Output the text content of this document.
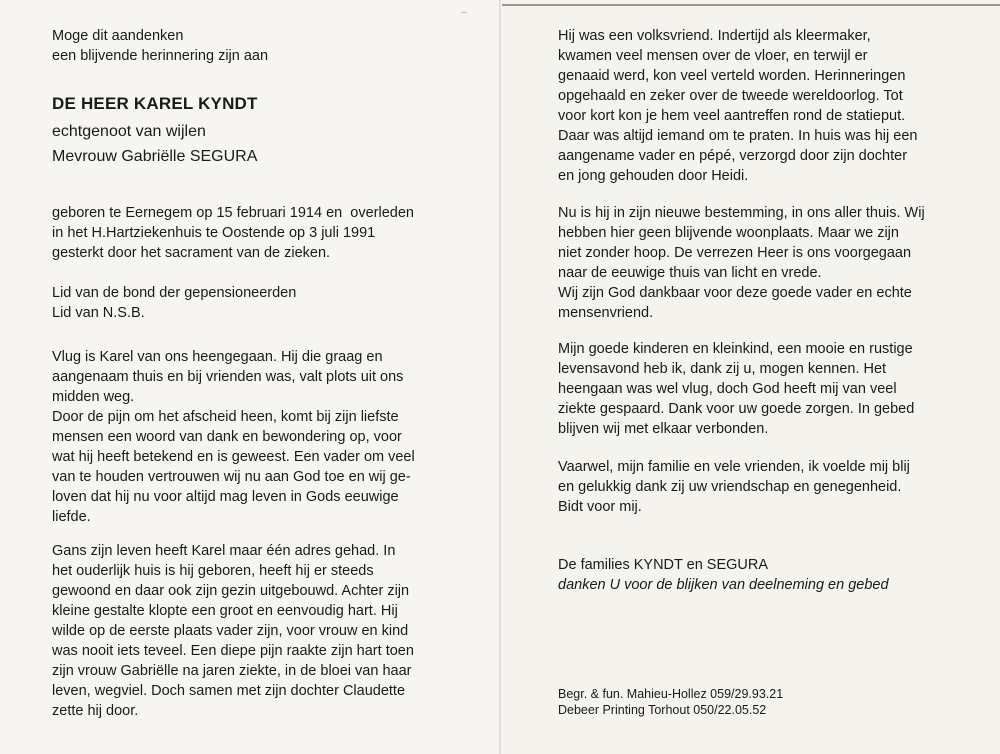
Moge dit aandenken

een blijvende herinnering zijn aan

DE HEER KAREL KYNDT

echtgenoot van wijlen

Mevrouw Gabriëlle SEGURA

geboren te Eernegem op 15 februari 1914 en  overleden

in het H.Hartziekenhuis te Oostende op 3 juli 1991

gesterkt door het sacrament van de zieken.

Lid van de bond der gepensioneerden

Lid van N.S.B.

Vlug is Karel van ons heengegaan. Hij die graag en

aangenaam thuis en bij vrienden was, valt plots uit ons

midden weg.

Door de pijn om het afscheid heen, komt bij zijn liefste

mensen een woord van dank en bewondering op, voor

wat hij heeft betekend en is geweest. Een vader om veel

van te houden vertrouwen wij nu aan God toe en wij ge-

loven dat hij nu voor altijd mag leven in Gods eeuwige

liefde.

Gans zijn leven heeft Karel maar één adres gehad. In

het ouderlijk huis is hij geboren, heeft hij er steeds

gewoond en daar ook zijn gezin uitgebouwd. Achter zijn

kleine gestalte klopte een groot en eenvoudig hart. Hij

wilde op de eerste plaats vader zijn, voor vrouw en kind

was nooit iets teveel. Een diepe pijn raakte zijn hart toen

zijn vrouw Gabriëlle na jaren ziekte, in de bloei van haar

leven, wegviel. Doch samen met zijn dochter Claudette

zette hij door.

Hij was een volksvriend. Indertijd als kleermaker,

kwamen veel mensen over de vloer, en terwijl er

genaaid werd, kon veel verteld worden. Herinneringen

opgehaald en zeker over de tweede wereldoorlog. Tot

voor kort kon je hem veel aantreffen rond de statieput.

Daar was altijd iemand om te praten. In huis was hij een

aangename vader en pépé, verzorgd door zijn dochter

en jong gehouden door Heidi.

Nu is hij in zijn nieuwe bestemming, in ons aller thuis. Wij

hebben hier geen blijvende woonplaats. Maar we zijn

niet zonder hoop. De verrezen Heer is ons voorgegaan

naar de eeuwige thuis van licht en vrede.

Wij zijn God dankbaar voor deze goede vader en echte

mensenvriend.

Mijn goede kinderen en kleinkind, een mooie en rustige

levensavond heb ik, dank zij u, mogen kennen. Het

heengaan was wel vlug, doch God heeft mij van veel

ziekte gespaard. Dank voor uw goede zorgen. In gebed

blijven wij met elkaar verbonden.

Vaarwel, mijn familie en vele vrienden, ik voelde mij blij

en gelukkig dank zij uw vriendschap en genegenheid.

Bidt voor mij.

De families KYNDT en SEGURA

danken U voor de blijken van deelneming en gebed

Begr. & fun. Mahieu-Hollez 059/29.93.21

Debeer Printing Torhout 050/22.05.52
